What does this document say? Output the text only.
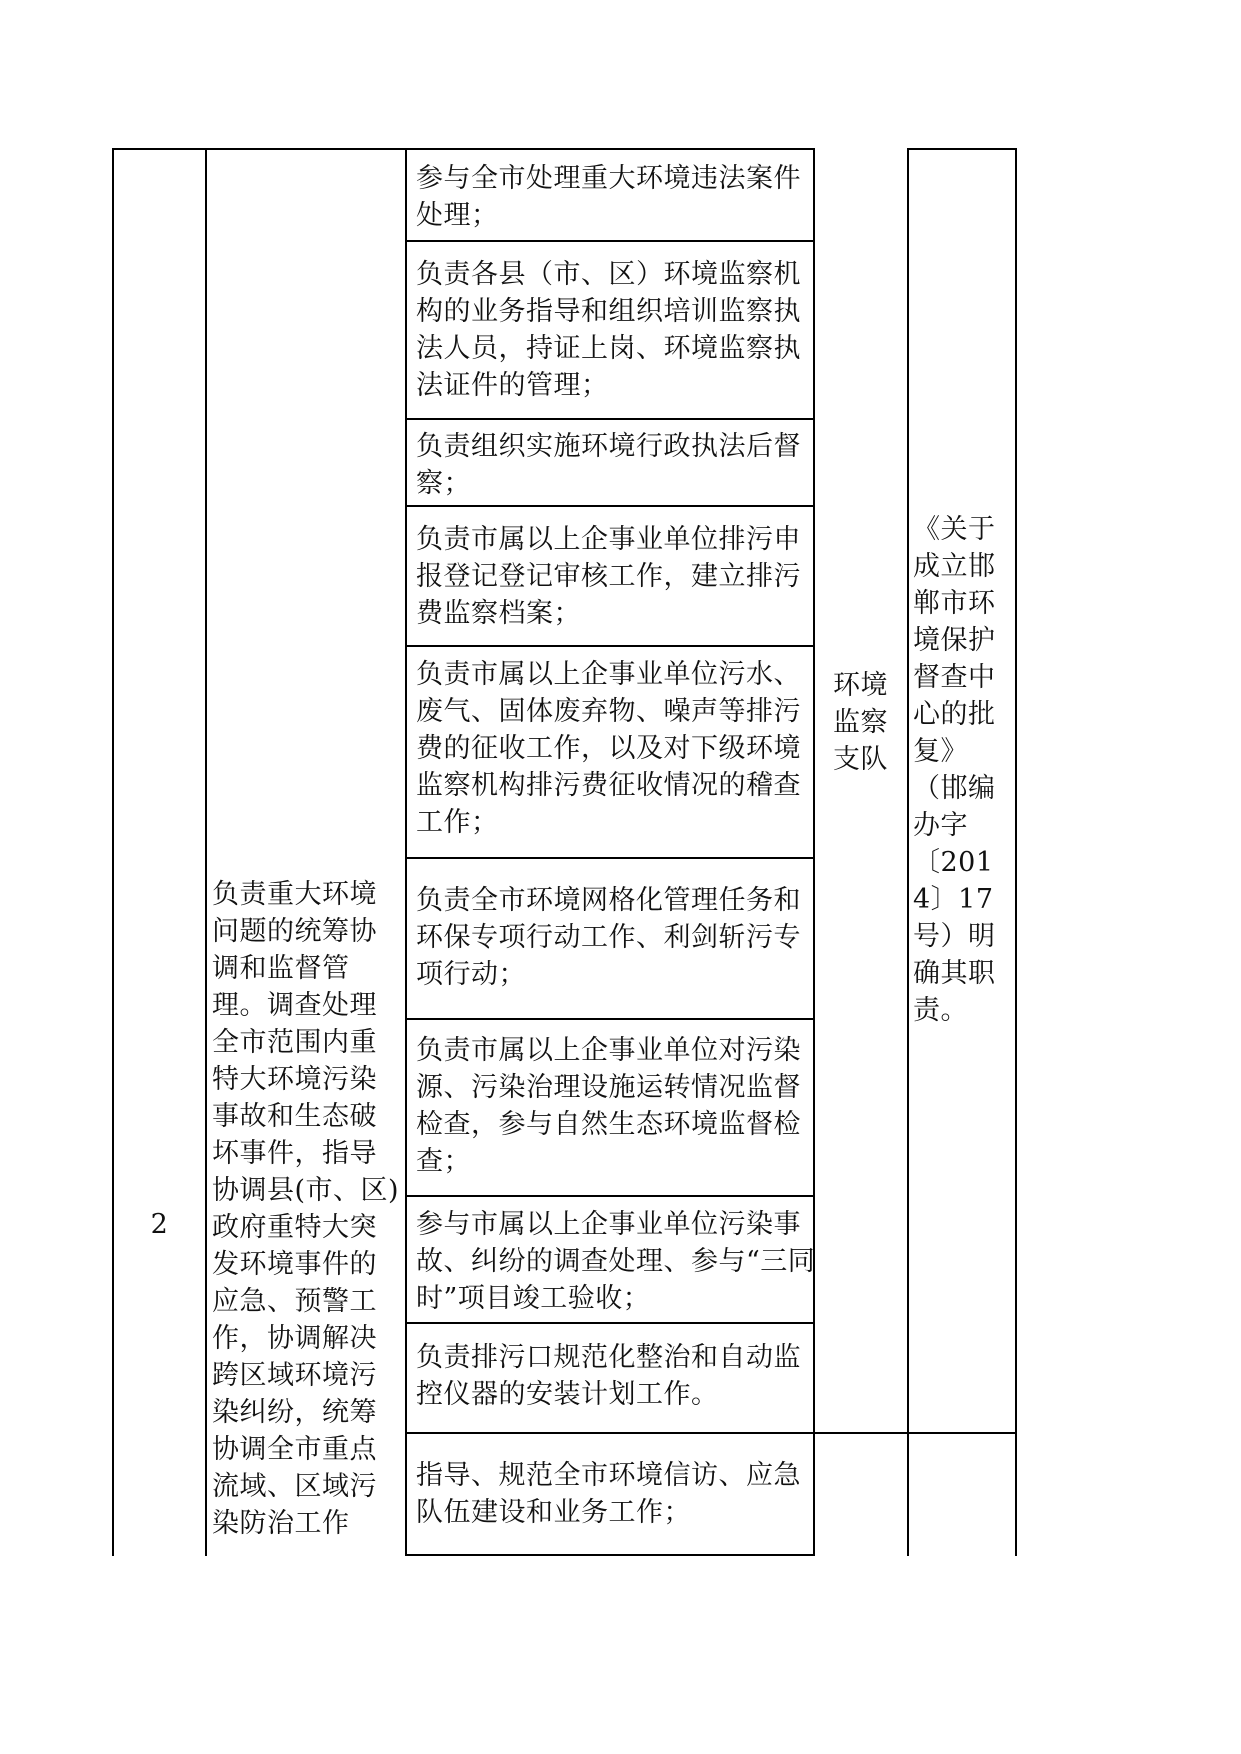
2
负责重大环境问题的统筹协调和监督管理。调查处理全市范围内重特大环境污染事故和生态破坏事件，指导协调县(市、区)政府重特大突发环境事件的应急、预警工作，协调解决跨区域环境污染纠纷，统筹协调全市重点流域、区域污染防治工作
参与全市处理重大环境违法案件处理；
负责各县（市、区）环境监察机构的业务指导和组织培训监察执法人员，持证上岗、环境监察执法证件的管理；
负责组织实施环境行政执法后督察；
负责市属以上企事业单位排污申报登记登记审核工作，建立排污费监察档案；
负责市属以上企事业单位污水、废气、固体废弃物、噪声等排污费的征收工作，以及对下级环境监察机构排污费征收情况的稽查工作；
负责全市环境网格化管理任务和环保专项行动工作、利剑斩污专项行动；
负责市属以上企事业单位对污染源、污染治理设施运转情况监督检查，参与自然生态环境监督检查；
参与市属以上企事业单位污染事故、纠纷的调查处理、参与“三同时”项目竣工验收；
负责排污口规范化整治和自动监控仪器的安装计划工作。
指导、规范全市环境信访、应急队伍建设和业务工作；
环境监察支队
《关于成立邯郸市环境保护督查中心的批复》（邯编办字〔2014〕17号）明确其职责。
